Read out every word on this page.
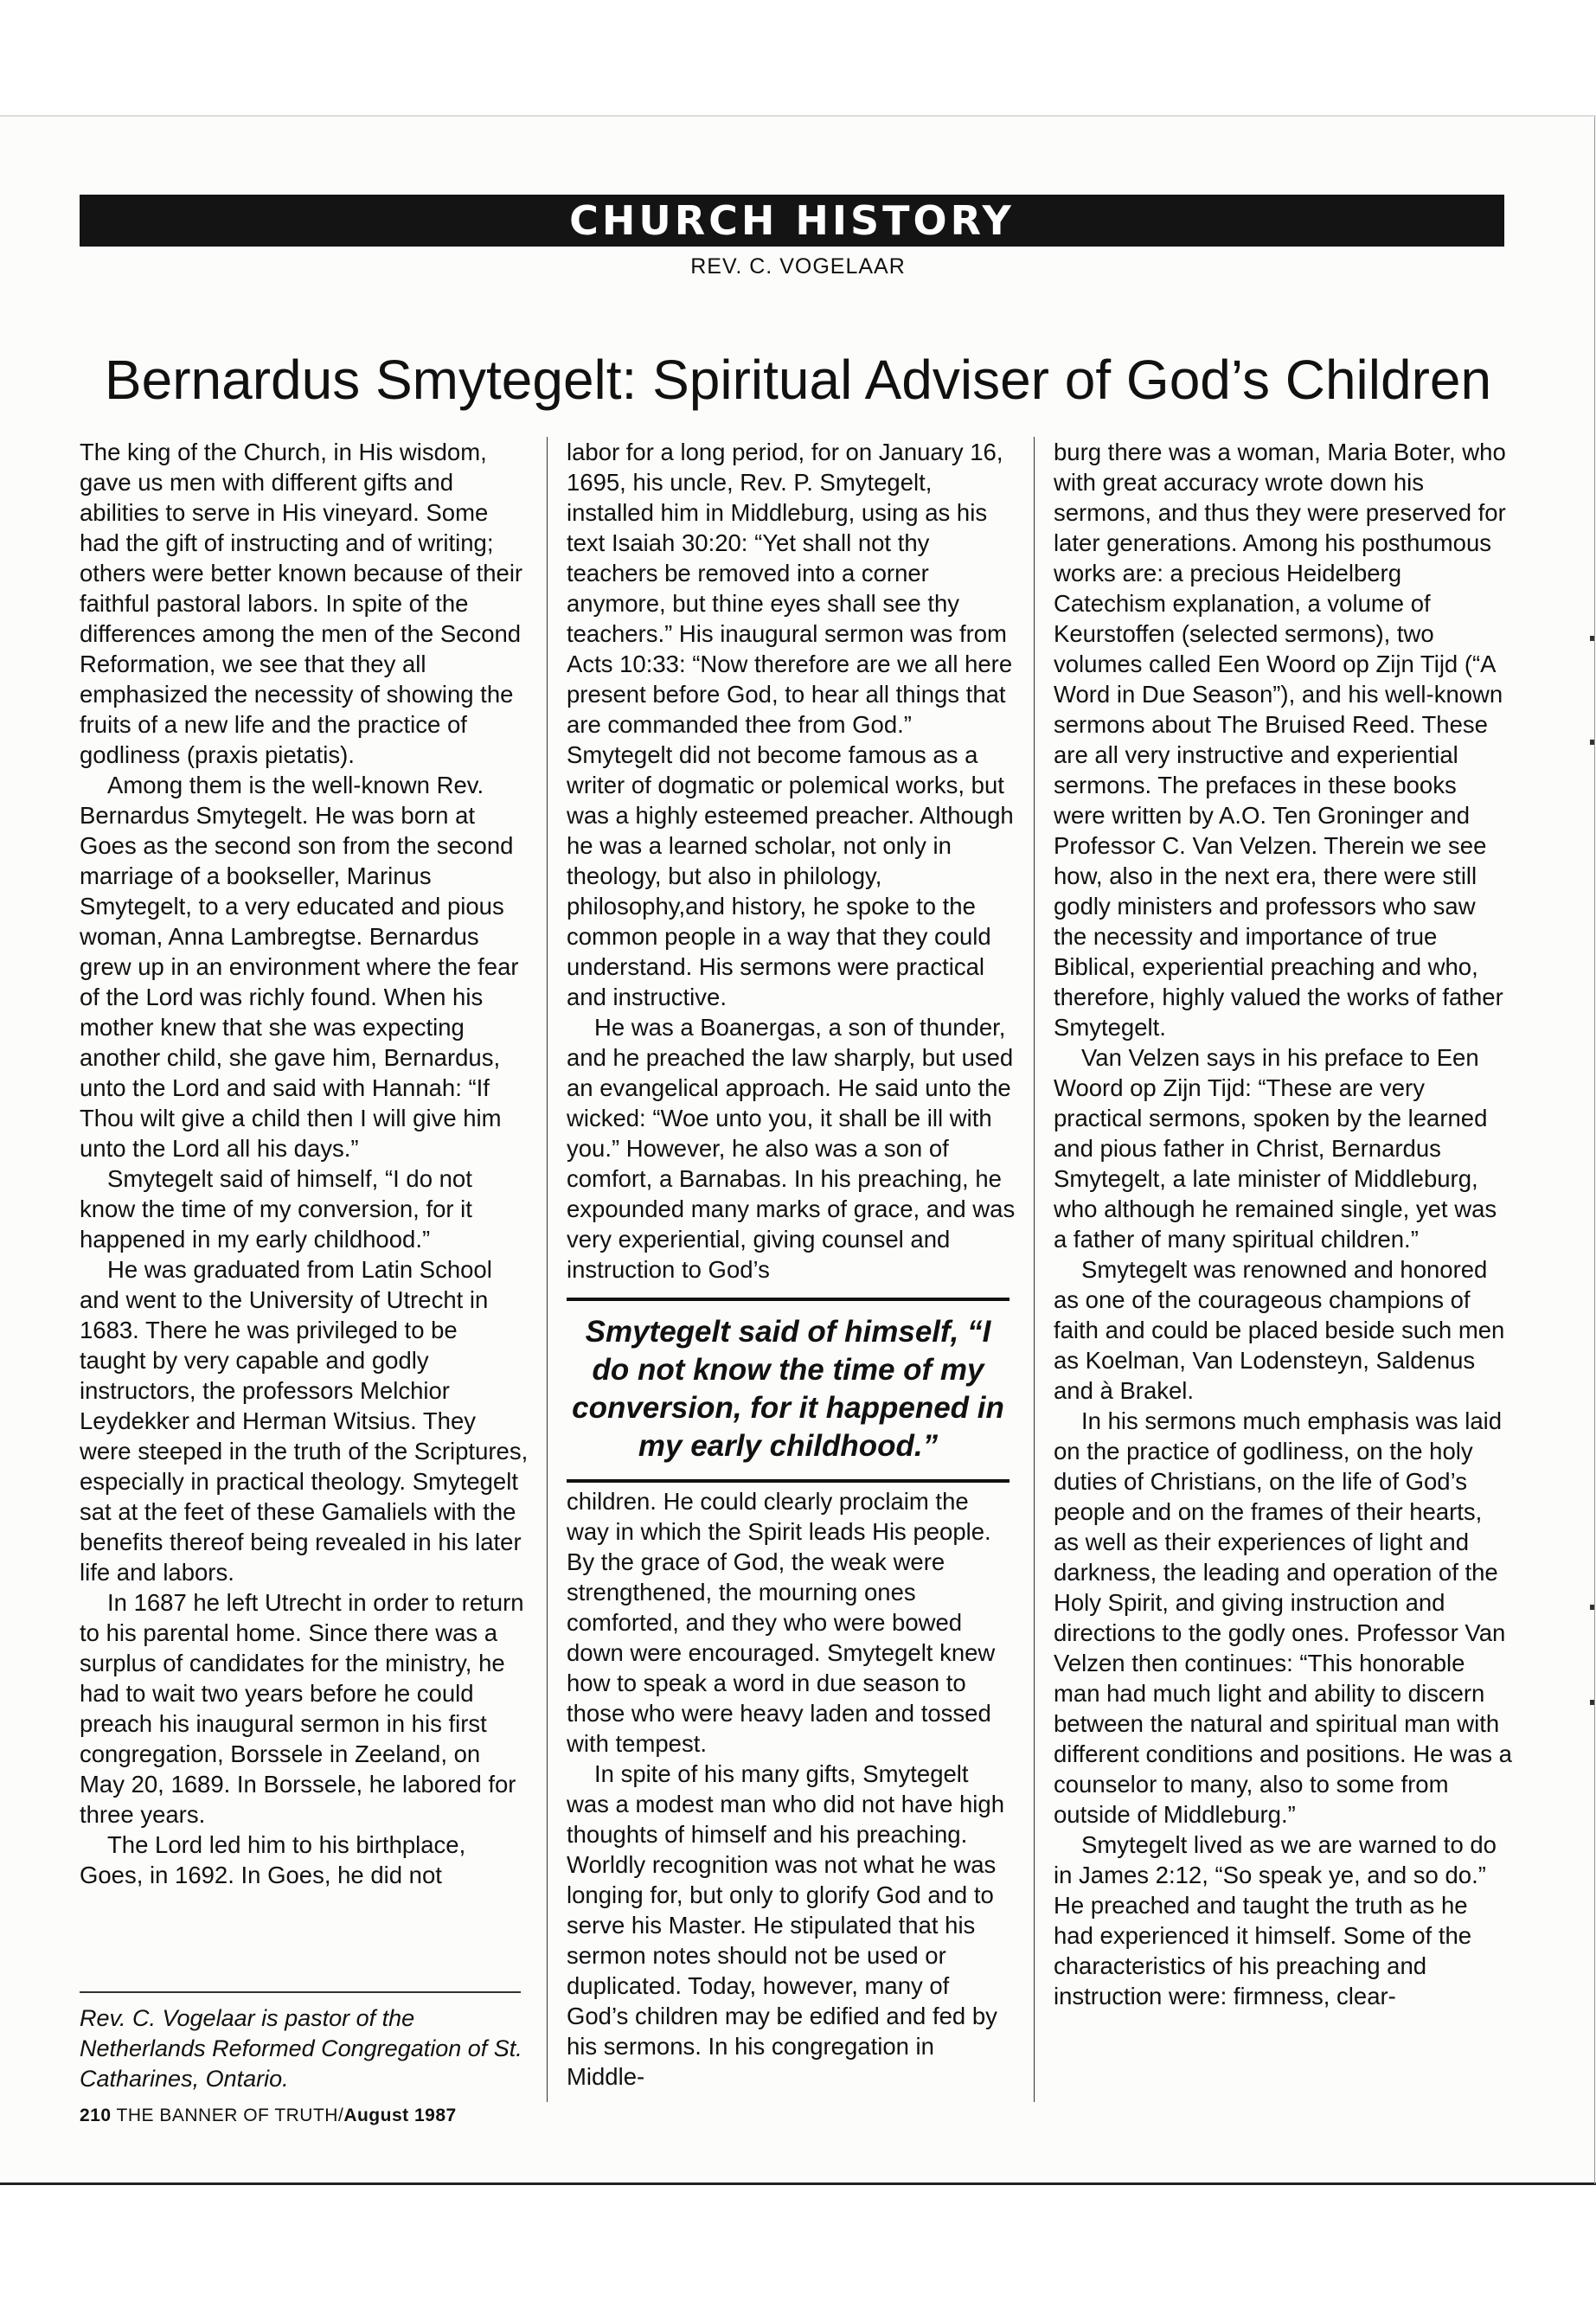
CHURCH HISTORY
REV. C. VOGELAAR
Bernardus Smytegelt: Spiritual Adviser of God’s Children

The king of the Church, in His wisdom, gave us men with different gifts and abilities to serve in His vineyard. Some had the gift of instructing and of writing; others were better known because of their faithful pastoral labors. In spite of the differences among the men of the Second Reformation, we see that they all emphasized the necessity of showing the fruits of a new life and the practice of godliness (praxis pietatis).

Among them is the well-known Rev. Bernardus Smytegelt. He was born at Goes as the second son from the second marriage of a bookseller, Marinus Smytegelt, to a very educated and pious woman, Anna Lambregtse. Bernardus grew up in an environment where the fear of the Lord was richly found. When his mother knew that she was expecting another child, she gave him, Bernardus, unto the Lord and said with Hannah: “If Thou wilt give a child then I will give him unto the Lord all his days.”

Smytegelt said of himself, “I do not know the time of my conversion, for it happened in my early childhood.”

He was graduated from Latin School and went to the University of Utrecht in 1683. There he was privileged to be taught by very capable and godly instructors, the professors Melchior Leydekker and Herman Witsius. They were steeped in the truth of the Scriptures, especially in practical theology. Smytegelt sat at the feet of these Gamaliels with the benefits thereof being revealed in his later life and labors.

In 1687 he left Utrecht in order to return to his parental home. Since there was a surplus of candidates for the ministry, he had to wait two years before he could preach his inaugural sermon in his first congregation, Borssele in Zeeland, on May 20, 1689. In Borssele, he labored for three years.

The Lord led him to his birthplace, Goes, in 1692. In Goes, he did not

labor for a long period, for on January 16, 1695, his uncle, Rev. P. Smytegelt, installed him in Middleburg, using as his text Isaiah 30:20: “Yet shall not thy teachers be removed into a corner anymore, but thine eyes shall see thy teachers.” His inaugural sermon was from Acts 10:33: “Now therefore are we all here present before God, to hear all things that are commanded thee from God.” Smytegelt did not become famous as a writer of dogmatic or polemical works, but was a highly esteemed preacher. Although he was a learned scholar, not only in theology, but also in philology, philosophy,and history, he spoke to the common people in a way that they could understand. His sermons were practical and instructive.

He was a Boanergas, a son of thunder, and he preached the law sharply, but used an evangelical approach. He said unto the wicked: “Woe unto you, it shall be ill with you.” However, he also was a son of comfort, a Barnabas. In his preaching, he expounded many marks of grace, and was very experiential, giving counsel and instruction to God’s

Smytegelt said of himself, “I do not know the time of my conversion, for it happened in my early childhood.”

children. He could clearly proclaim the way in which the Spirit leads His people. By the grace of God, the weak were strengthened, the mourning ones comforted, and they who were bowed down were encouraged. Smytegelt knew how to speak a word in due season to those who were heavy laden and tossed with tempest.

In spite of his many gifts, Smytegelt was a modest man who did not have high thoughts of himself and his preaching. Worldly recognition was not what he was longing for, but only to glorify God and to serve his Master. He stipulated that his sermon notes should not be used or duplicated. Today, however, many of God’s children may be edified and fed by his sermons. In his congregation in Middle-

burg there was a woman, Maria Boter, who with great accuracy wrote down his sermons, and thus they were preserved for later generations. Among his posthumous works are: a precious Heidelberg Catechism explanation, a volume of Keurstoffen (selected sermons), two volumes called Een Woord op Zijn Tijd (“A Word in Due Season”), and his well-known sermons about The Bruised Reed. These are all very instructive and experiential sermons. The prefaces in these books were written by A.O. Ten Groninger and Professor C. Van Velzen. Therein we see how, also in the next era, there were still godly ministers and professors who saw the necessity and importance of true Biblical, experiential preaching and who, therefore, highly valued the works of father Smytegelt.

Van Velzen says in his preface to Een Woord op Zijn Tijd: “These are very practical sermons, spoken by the learned and pious father in Christ, Bernardus Smytegelt, a late minister of Middleburg, who although he remained single, yet was a father of many spiritual children.”

Smytegelt was renowned and honored as one of the courageous champions of faith and could be placed beside such men as Koelman, Van Lodensteyn, Saldenus and à Brakel.

In his sermons much emphasis was laid on the practice of godliness, on the holy duties of Christians, on the life of God’s people and on the frames of their hearts, as well as their experiences of light and darkness, the leading and operation of the Holy Spirit, and giving instruction and directions to the godly ones. Professor Van Velzen then continues: “This honorable man had much light and ability to discern between the natural and spiritual man with different conditions and positions. He was a counselor to many, also to some from outside of Middleburg.”

Smytegelt lived as we are warned to do in James 2:12, “So speak ye, and so do.” He preached and taught the truth as he had experienced it himself. Some of the characteristics of his preaching and instruction were: firmness, clear-

Rev. C. Vogelaar is pastor of the Netherlands Reformed Congregation of St. Catharines, Ontario.
210 THE BANNER OF TRUTH/August 1987
